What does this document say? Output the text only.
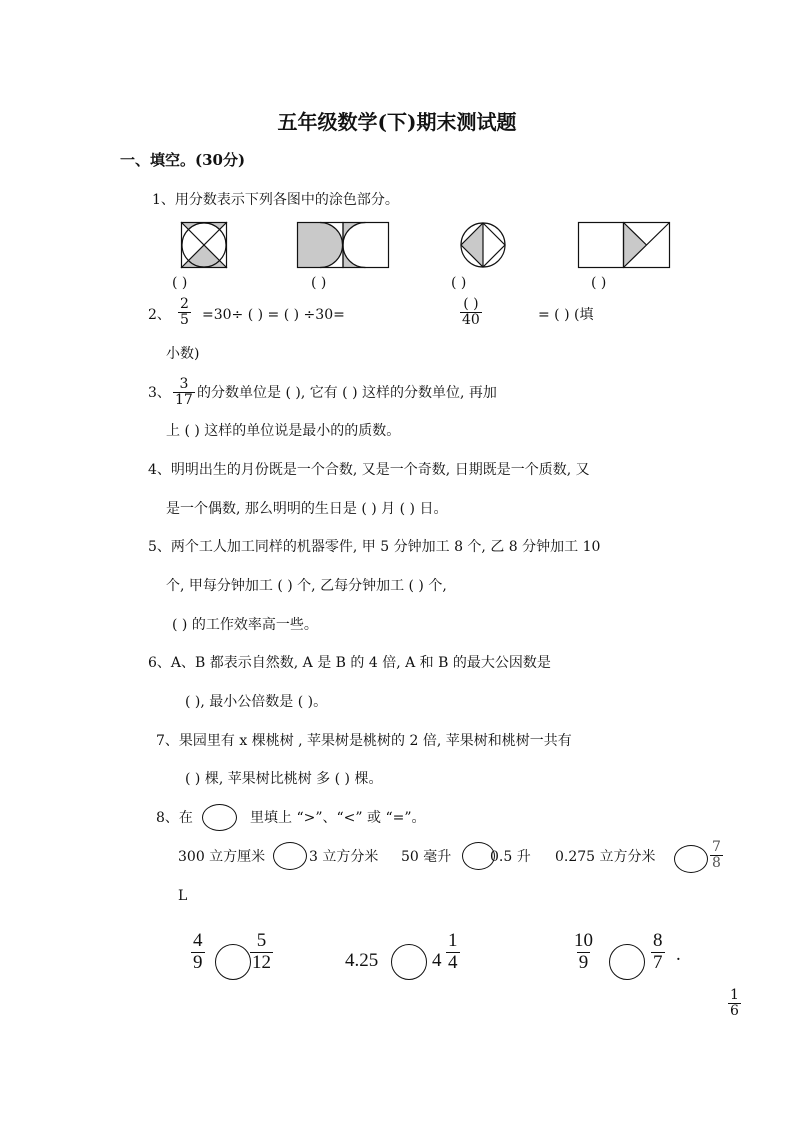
五年级数学(下)期末测试题
一、填空。(30分)
1、用分数表示下列各图中的涂色部分。
( )	( )	( )	( )
2、 $\frac{2}{5} =30\div$ ( ) = ( ) ÷30=	$\frac{( )}{40}$	= ( ) (填
小数)
3、 $\frac{3}{17}$ 的分数单位是 ( ), 它有 ( ) 这样的分数单位, 再加
上 ( ) 这样的单位说是最小的的质数。
4、明明出生的月份既是一个合数, 又是一个奇数, 日期既是一个质数, 又
是一个偶数, 那么明明的生日是 ( ) 月 ( ) 日。
5、两个工人加工同样的机器零件, 甲 5 分钟加工 8 个, 乙 8 分钟加工 10
个, 甲每分钟加工 ( ) 个, 乙每分钟加工 ( ) 个,
( ) 的工作效率高一些。
6、A、B 都表示自然数, A 是 B 的 4 倍, A 和 B 的最大公因数是
( ), 最小公倍数是 ( )。
7、果园里有 x 棵桃树 , 苹果树是桃树的 2 倍, 苹果树和桃树一共有
( ) 棵, 苹果树比桃树 多 ( ) 棵。
8、在	里填上 “>”、“<” 或 “=”。
300 立方厘米	3 立方分米 50 毫升	0.5 升 0.275 立方分米	$\frac{7}{8}$
L
$\frac{4}{9} \frac{5}{12}$	4.25	$4 \frac{1}{4}$	$\frac{10}{9}$	$\frac{8}{7}$ .
$\frac{1}{6}$
